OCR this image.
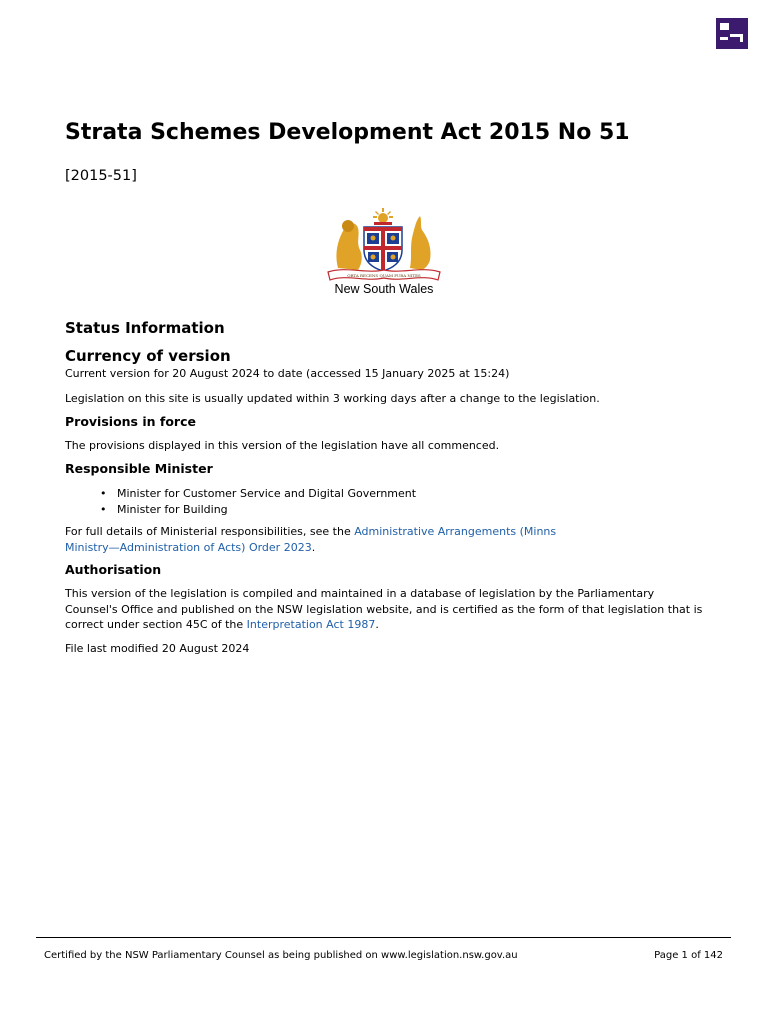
Strata Schemes Development Act 2015 No 51
[2015-51]
ORTA RECENS QUAM PURA NITES
New South Wales
Status Information
Currency of version

Current version for 20 August 2024 to date (accessed 15 January 2025 at 15:24)

Legislation on this site is usually updated within 3 working days after a change to the legislation.

Provisions in force

The provisions displayed in this version of the legislation have all commenced.

Responsible Minister
• Minister for Customer Service and Digital Government
• Minister for Building

For full details of Ministerial responsibilities, see the Administrative Arrangements (Minns Ministry—Administration of Acts) Order 2023.

Authorisation

This version of the legislation is compiled and maintained in a database of legislation by the Parliamentary Counsel's Office and published on the NSW legislation website, and is certified as the form of that legislation that is correct under section 45C of the Interpretation Act 1987.

File last modified 20 August 2024

Certified by the NSW Parliamentary Counsel as being published on www.legislation.nsw.gov.au	Page 1 of 142
